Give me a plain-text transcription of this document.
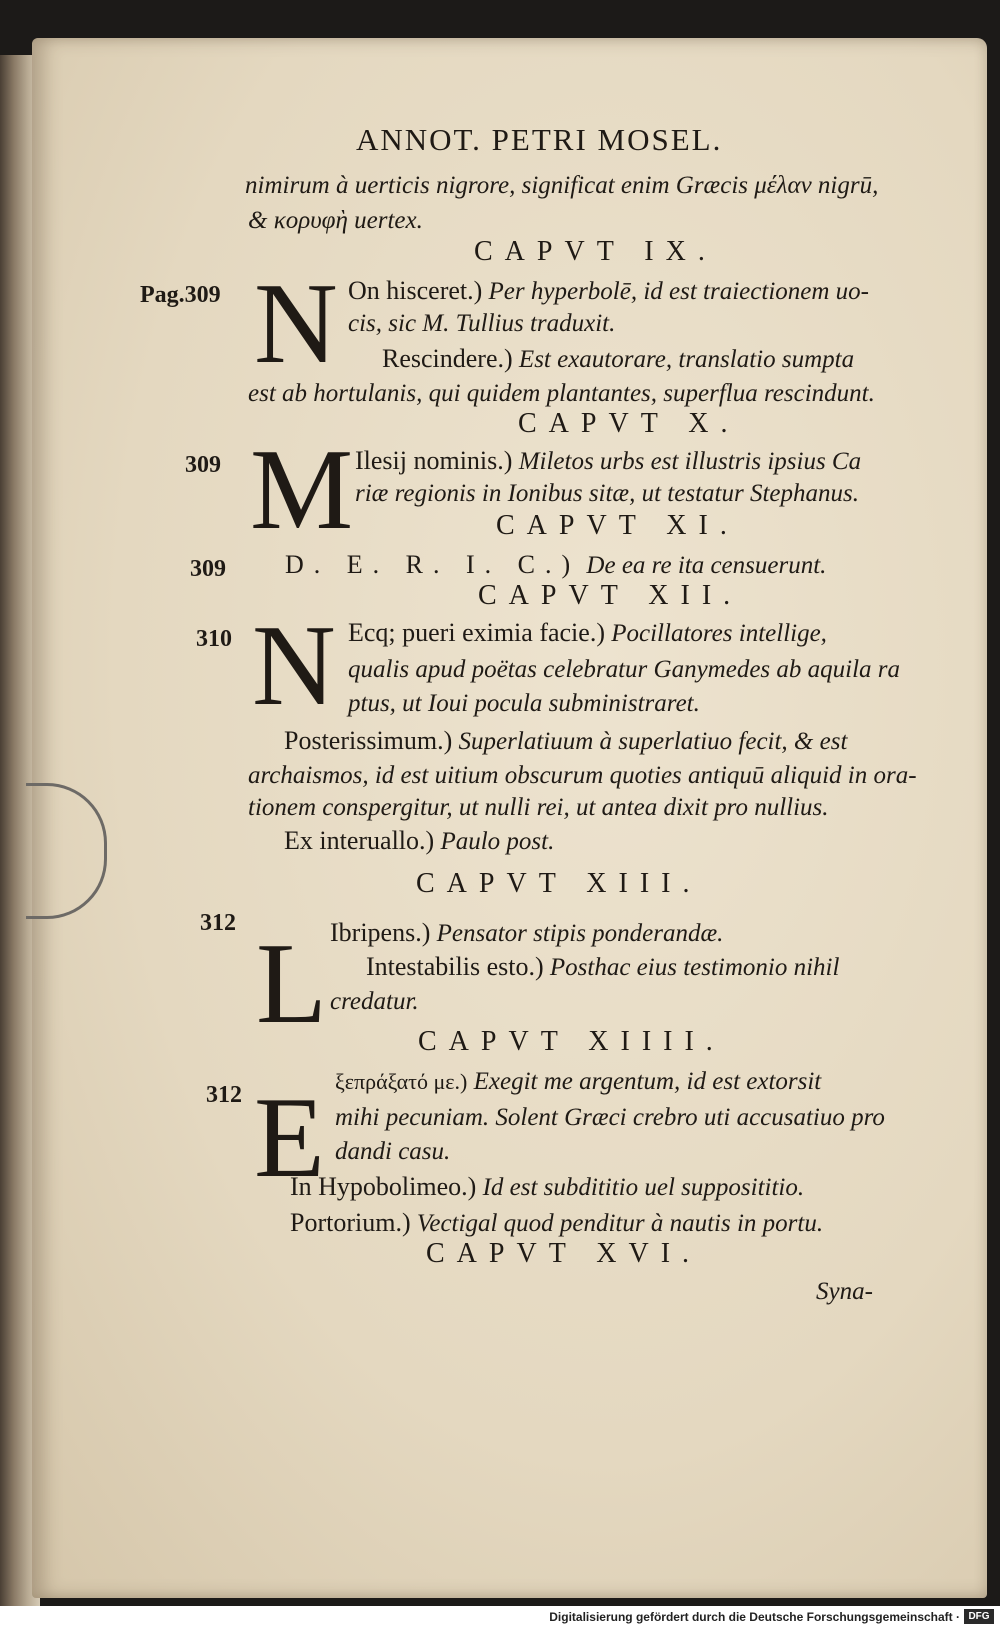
ANNOT. PETRI MOSEL.
nimirum à uerticis nigrore, significat enim Græcis μέλαν nigrū,
& κορυφὴ uertex.
CAPVT IX.
Pag.309 N On hisceret.) Per hyperbolē, id est traiectionem uo-
cis, sic M. Tullius traduxit.
Rescindere.) Est exautorare, translatio sumpta
est ab hortulanis, qui quidem plantantes, superflua rescindunt.
CAPVT X.
309 M Ilesij nominis.) Miletos urbs est illustris ipsius Ca
riæ regionis in Ionibus sitæ, ut testatur Stephanus.
CAPVT XI.
309 D. E. R. I. C.) De ea re ita censuerunt.
CAPVT XII.
310 N Ecq; pueri eximia facie.) Pocillatores intellige,
qualis apud poëtas celebratur Ganymedes ab aquila ra
ptus, ut Ioui pocula subministraret.
Posterissimum.) Superlatiuum à superlatiuo fecit, & est
archaismos, id est uitium obscurum quoties antiquū aliquid in ora-
tionem conspergitur, ut nulli rei, ut antea dixit pro nullius.
Ex interuallo.) Paulo post.
CAPVT XIII.
312 L Ibripens.) Pensator stipis ponderandæ.
Intestabilis esto.) Posthac eius testimonio nihil
credatur.
CAPVT XIIII.
312 E ξεπράξατό με.) Exegit me argentum, id est extorsit
mihi pecuniam. Solent Græci crebro uti accusatiuo pro
dandi casu.
In Hypobolimeo.) Id est subdititio uel supposititio.
Portorium.) Vectigal quod penditur à nautis in portu.
CAPVT XVI.
Syna-
Digitalisierung gefördert durch die Deutsche Forschungsgemeinschaft · DFG
